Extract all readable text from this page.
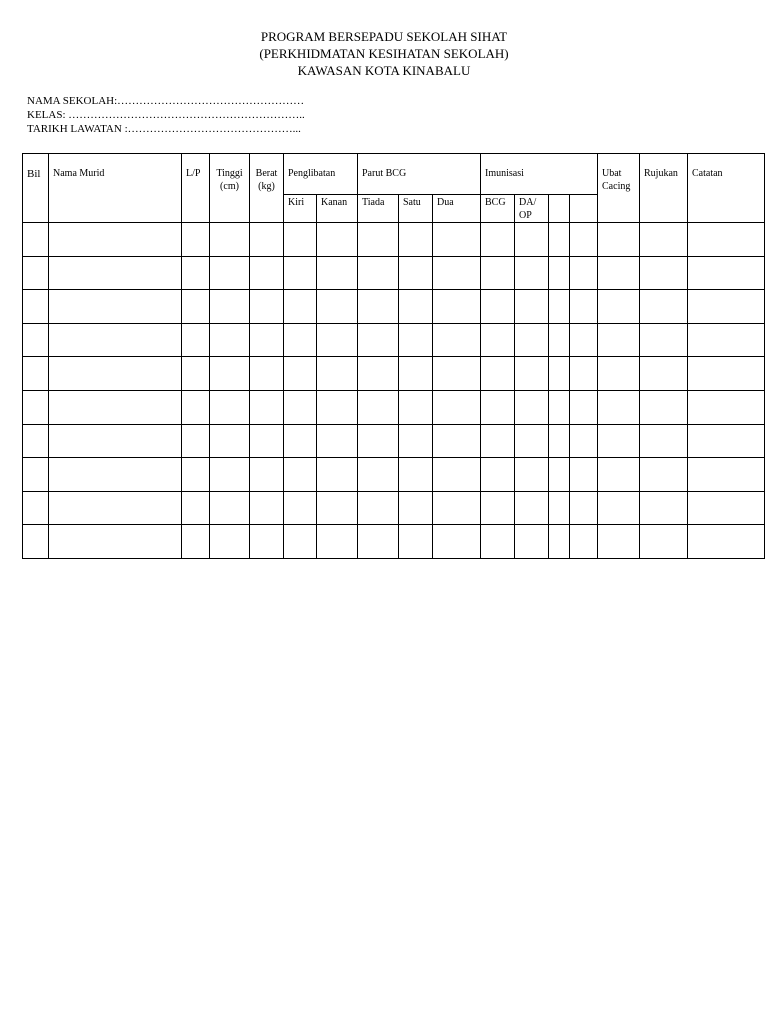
PROGRAM BERSEPADU SEKOLAH SIHAT
(PERKHIDMATAN KESIHATAN SEKOLAH)
KAWASAN KOTA KINABALU
NAMA SEKOLAH:……………………………………………
KELAS: ………………………………………………………..
TARIKH LAWATAN :………………………………………...
Bil	Nama Murid	L/P	Tinggi (cm)	Berat (kg)	Penglibatan		Parut BCG			Imunisasi				Ubat Cacing	Rujukan	Catatan

					Kiri	Kanan	Tiada	Satu	Dua	BCG	DA/ OP					
